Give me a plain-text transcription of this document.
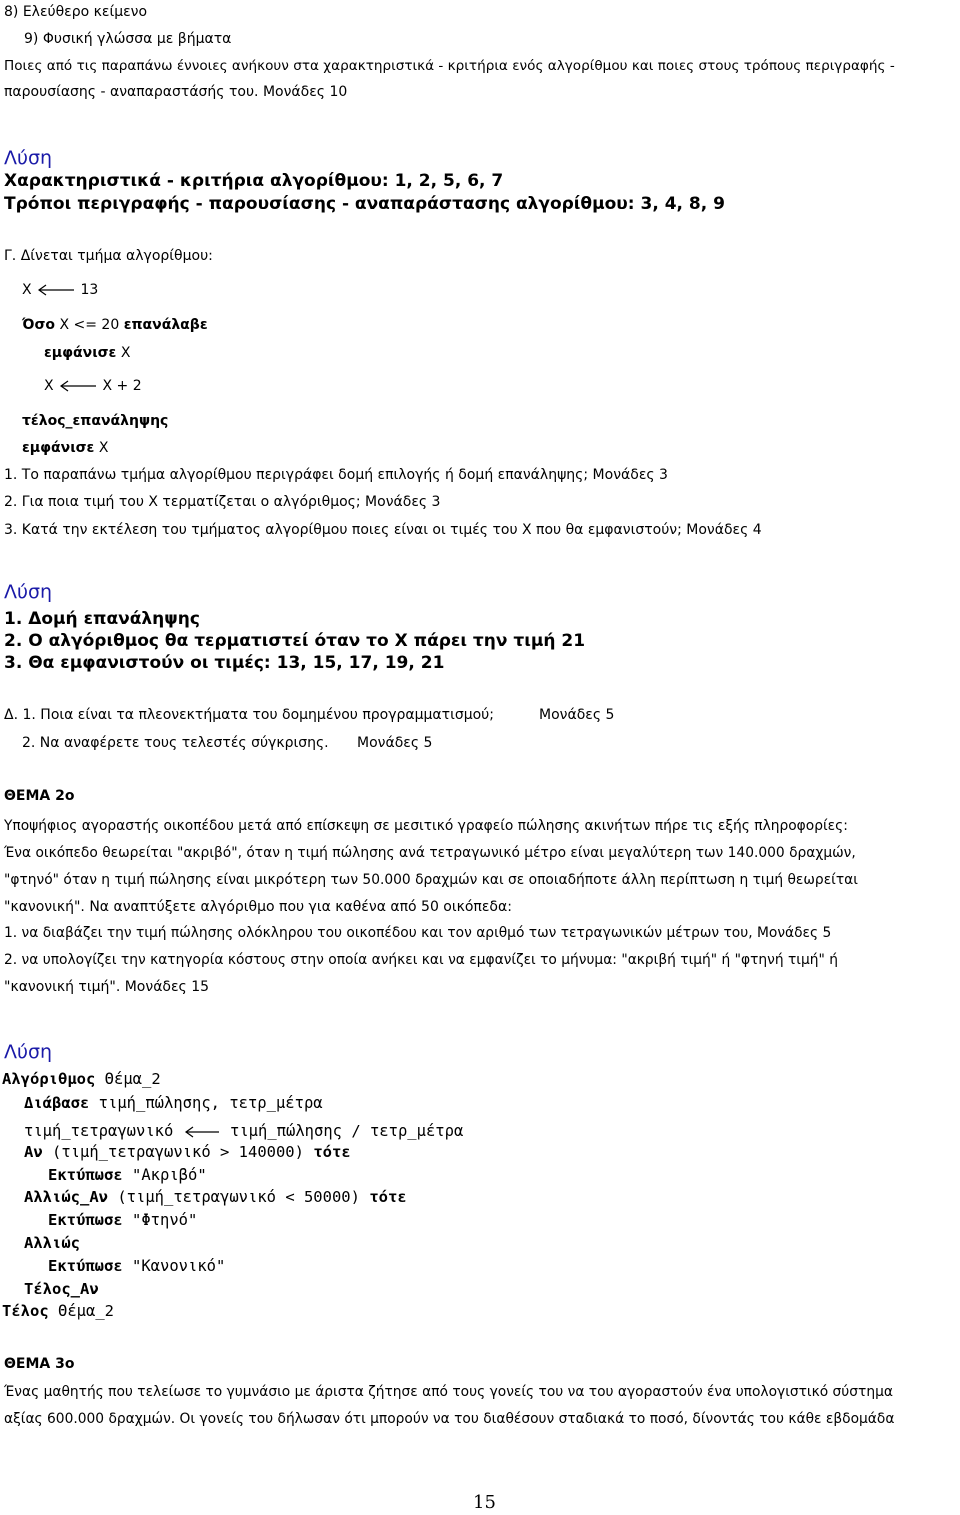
8) Ελεύθερο κείμενο
9) Φυσική γλώσσα με βήματα
Ποιες από τις παραπάνω έννοιες ανήκουν στα χαρακτηριστικά - κριτήρια ενός αλγορίθμου και ποιες στους τρόπους περιγραφής -
παρουσίασης - αναπαραστάσής του. Μονάδες 10
Λύση
Χαρακτηριστικά - κριτήρια αλγορίθμου: 1, 2, 5, 6, 7
Τρόποι περιγραφής - παρουσίασης - αναπαράστασης αλγορίθμου: 3, 4, 8, 9
Γ. Δίνεται τμήμα αλγορίθμου:
Χ	13
Όσο Χ <= 20 επανάλαβε
εμφάνισε Χ
Χ	Χ + 2
τέλος_επανάληψης
εμφάνισε Χ
1. Το παραπάνω τμήμα αλγορίθμου περιγράφει δομή επιλογής ή δομή επανάληψης; Μονάδες 3
2. Για ποια τιμή του Χ τερματίζεται ο αλγόριθμος; Μονάδες 3
3. Κατά την εκτέλεση του τμήματος αλγορίθμου ποιες είναι οι τιμές του Χ που θα εμφανιστούν; Μονάδες 4
Λύση
1. Δομή επανάληψης
2. Ο αλγόριθμος θα τερματιστεί όταν το Χ πάρει την τιμή 21
3. Θα εμφανιστούν οι τιμές: 13, 15, 17, 19, 21
Δ. 1. Ποια είναι τα πλεονεκτήματα του δομημένου προγραμματισμού;	Μονάδες 5
2. Να αναφέρετε τους τελεστές σύγκρισης. Μονάδες 5
ΘΕΜΑ 2ο
Υποψήφιος αγοραστής οικοπέδου μετά από επίσκεψη σε μεσιτικό γραφείο πώλησης ακινήτων πήρε τις εξής πληροφορίες:
Ένα οικόπεδο θεωρείται "ακριβό", όταν η τιμή πώλησης ανά τετραγωνικό μέτρο είναι μεγαλύτερη των 140.000 δραχμών,
"φτηνό" όταν η τιμή πώλησης είναι μικρότερη των 50.000 δραχμών και σε οποιαδήποτε άλλη περίπτωση η τιμή θεωρείται
"κανονική". Να αναπτύξετε αλγόριθμο που για καθένα από 50 οικόπεδα:
1. να διαβάζει την τιμή πώλησης ολόκληρου του οικοπέδου και τον αριθμό των τετραγωνικών μέτρων του, Μονάδες 5
2. να υπολογίζει την κατηγορία κόστους στην οποία ανήκει και να εμφανίζει το μήνυμα: "ακριβή τιμή" ή "φτηνή τιμή" ή
"κανονική τιμή". Μονάδες 15
Λύση
Αλγόριθμος Θέμα_2
Διάβασε τιμή_πώλησης, τετρ_μέτρα
τιμή_τετραγωνικό	τιμή_πώλησης / τετρ_μέτρα
Αν (τιμή_τετραγωνικό > 140000) τότε
Εκτύπωσε "Ακριβό"
Αλλιώς_Αν (τιμή_τετραγωνικό < 50000) τότε
Εκτύπωσε "Φτηνό"
Αλλιώς
Εκτύπωσε "Κανονικό"
Τέλος_Αν
Τέλος Θέμα_2
ΘΕΜΑ 3ο
Ένας μαθητής που τελείωσε το γυμνάσιο με άριστα ζήτησε από τους γονείς του να του αγοραστούν ένα υπολογιστικό σύστημα
αξίας 600.000 δραχμών. Οι γονείς του δήλωσαν ότι μπορούν να του διαθέσουν σταδιακά το ποσό, δίνοντάς του κάθε εβδομάδα
15
